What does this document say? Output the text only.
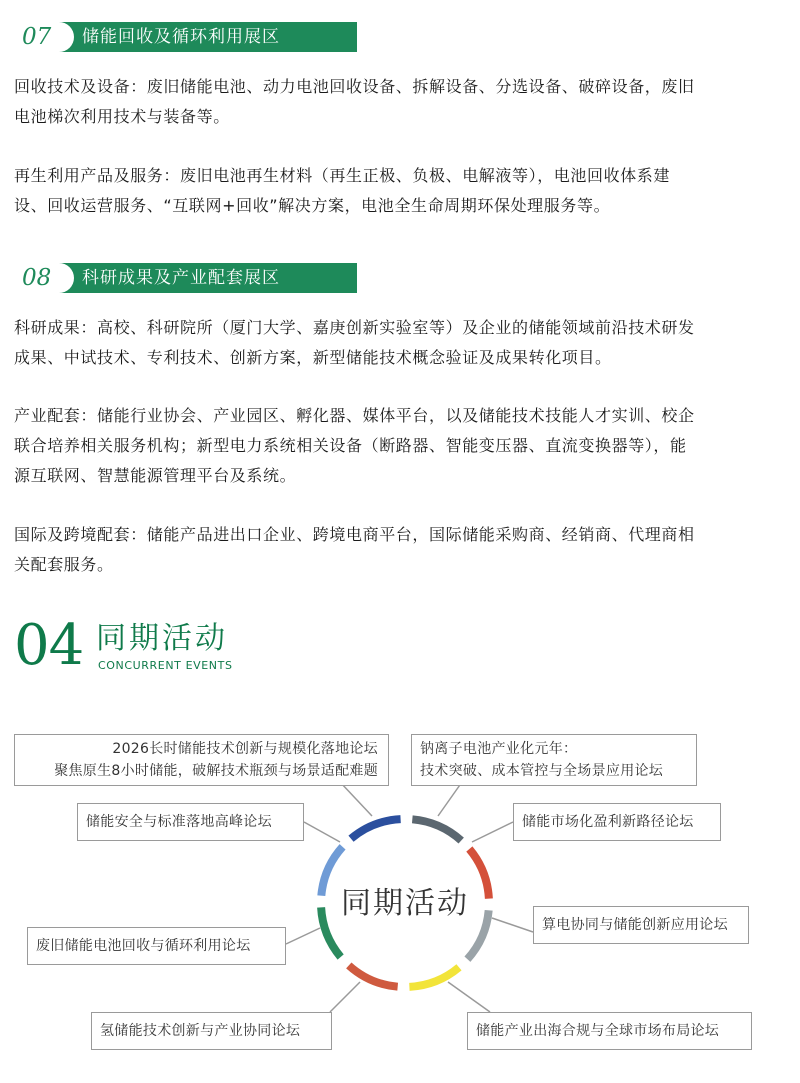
07 储能回收及循环利用展区
回收技术及设备：废旧储能电池、动力电池回收设备、拆解设备、分选设备、破碎设备，废旧
电池梯次利用技术与装备等。
再生利用产品及服务：废旧电池再生材料（再生正极、负极、电解液等），电池回收体系建
设、回收运营服务、“互联网+回收”解决方案，电池全生命周期环保处理服务等。
08 科研成果及产业配套展区
科研成果：高校、科研院所（厦门大学、嘉庚创新实验室等）及企业的储能领域前沿技术研发
成果、中试技术、专利技术、创新方案，新型储能技术概念验证及成果转化项目。
产业配套：储能行业协会、产业园区、孵化器、媒体平台，以及储能技术技能人才实训、校企
联合培养相关服务机构；新型电力系统相关设备（断路器、智能变压器、直流变换器等），能
源互联网、智慧能源管理平台及系统。
国际及跨境配套：储能产品进出口企业、跨境电商平台，国际储能采购商、经销商、代理商相
关配套服务。
04 同期活动
CONCURRENT EVENTS
同期活动
2026长时储能技术创新与规模化落地论坛
聚焦原生8小时储能，破解技术瓶颈与场景适配难题
钠离子电池产业化元年：
技术突破、成本管控与全场景应用论坛
储能安全与标准落地高峰论坛	储能市场化盈利新路径论坛
算电协同与储能创新应用论坛
废旧储能电池回收与循环利用论坛
氢储能技术创新与产业协同论坛	储能产业出海合规与全球市场布局论坛
